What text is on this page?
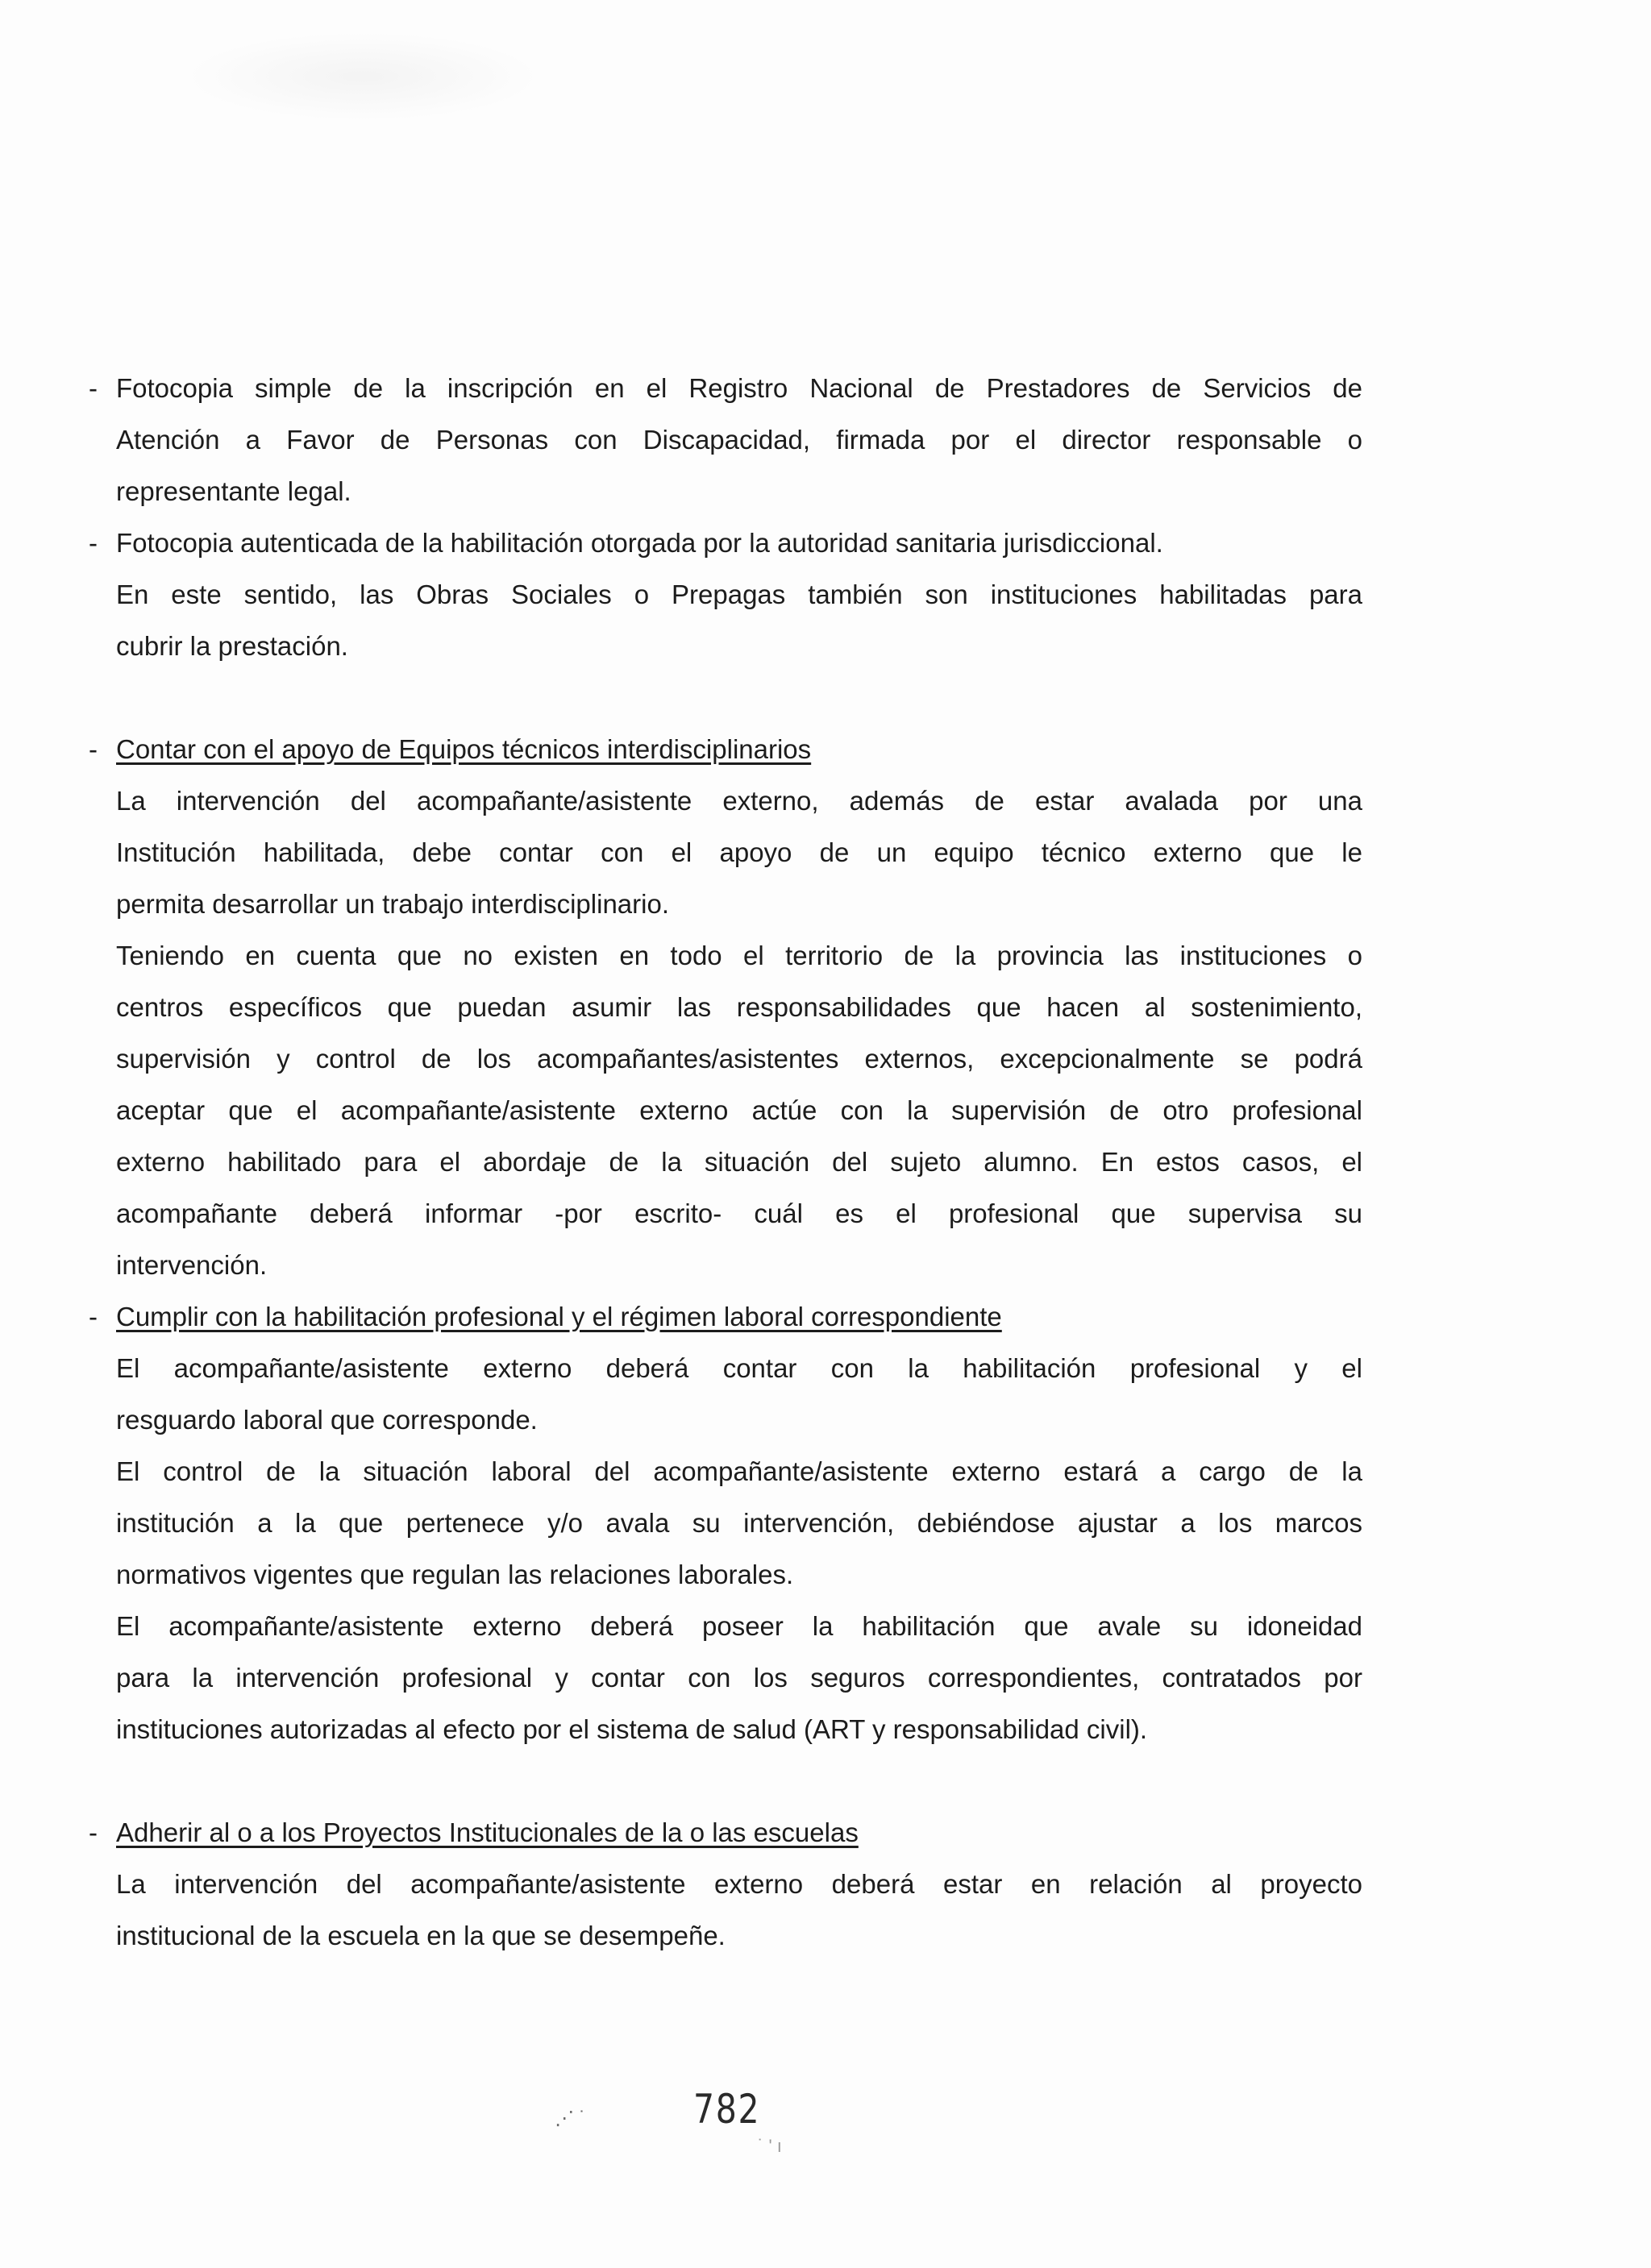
- Fotocopia simple de la inscripción en el Registro Nacional de Prestadores de Servicios de
Atención a Favor de Personas con Discapacidad, firmada por el director responsable o
representante legal.
- Fotocopia autenticada de la habilitación otorgada por la autoridad sanitaria jurisdiccional.
En este sentido, las Obras Sociales o Prepagas también son instituciones habilitadas para
cubrir la prestación.
- Contar con el apoyo de Equipos técnicos interdisciplinarios
La intervención del acompañante/asistente externo, además de estar avalada por una
Institución habilitada, debe contar con el apoyo de un equipo técnico externo que le
permita desarrollar un trabajo interdisciplinario.
Teniendo en cuenta que no existen en todo el territorio de la provincia las instituciones o
centros específicos que puedan asumir las responsabilidades que hacen al sostenimiento,
supervisión y control de los acompañantes/asistentes externos, excepcionalmente se podrá
aceptar que el acompañante/asistente externo actúe con la supervisión de otro profesional
externo habilitado para el abordaje de la situación del sujeto alumno. En estos casos, el
acompañante deberá informar -por escrito- cuál es el profesional que supervisa su
intervención.
- Cumplir con la habilitación profesional y el régimen laboral correspondiente
El acompañante/asistente externo deberá contar con la habilitación profesional y el
resguardo laboral que corresponde.
El control de la situación laboral del acompañante/asistente externo estará a cargo de la
institución a la que pertenece y/o avala su intervención, debiéndose ajustar a los marcos
normativos vigentes que regulan las relaciones laborales.
El acompañante/asistente externo deberá poseer la habilitación que avale su idoneidad
para la intervención profesional y contar con los seguros correspondientes, contratados por
instituciones autorizadas al efecto por el sistema de salud (ART y responsabilidad civil).
- Adherir al o a los Proyectos Institucionales de la o las escuelas
La intervención del acompañante/asistente externo deberá estar en relación al proyecto
institucional de la escuela en la que se desempeñe.
⋰ ˙	782
˙ ' ı
